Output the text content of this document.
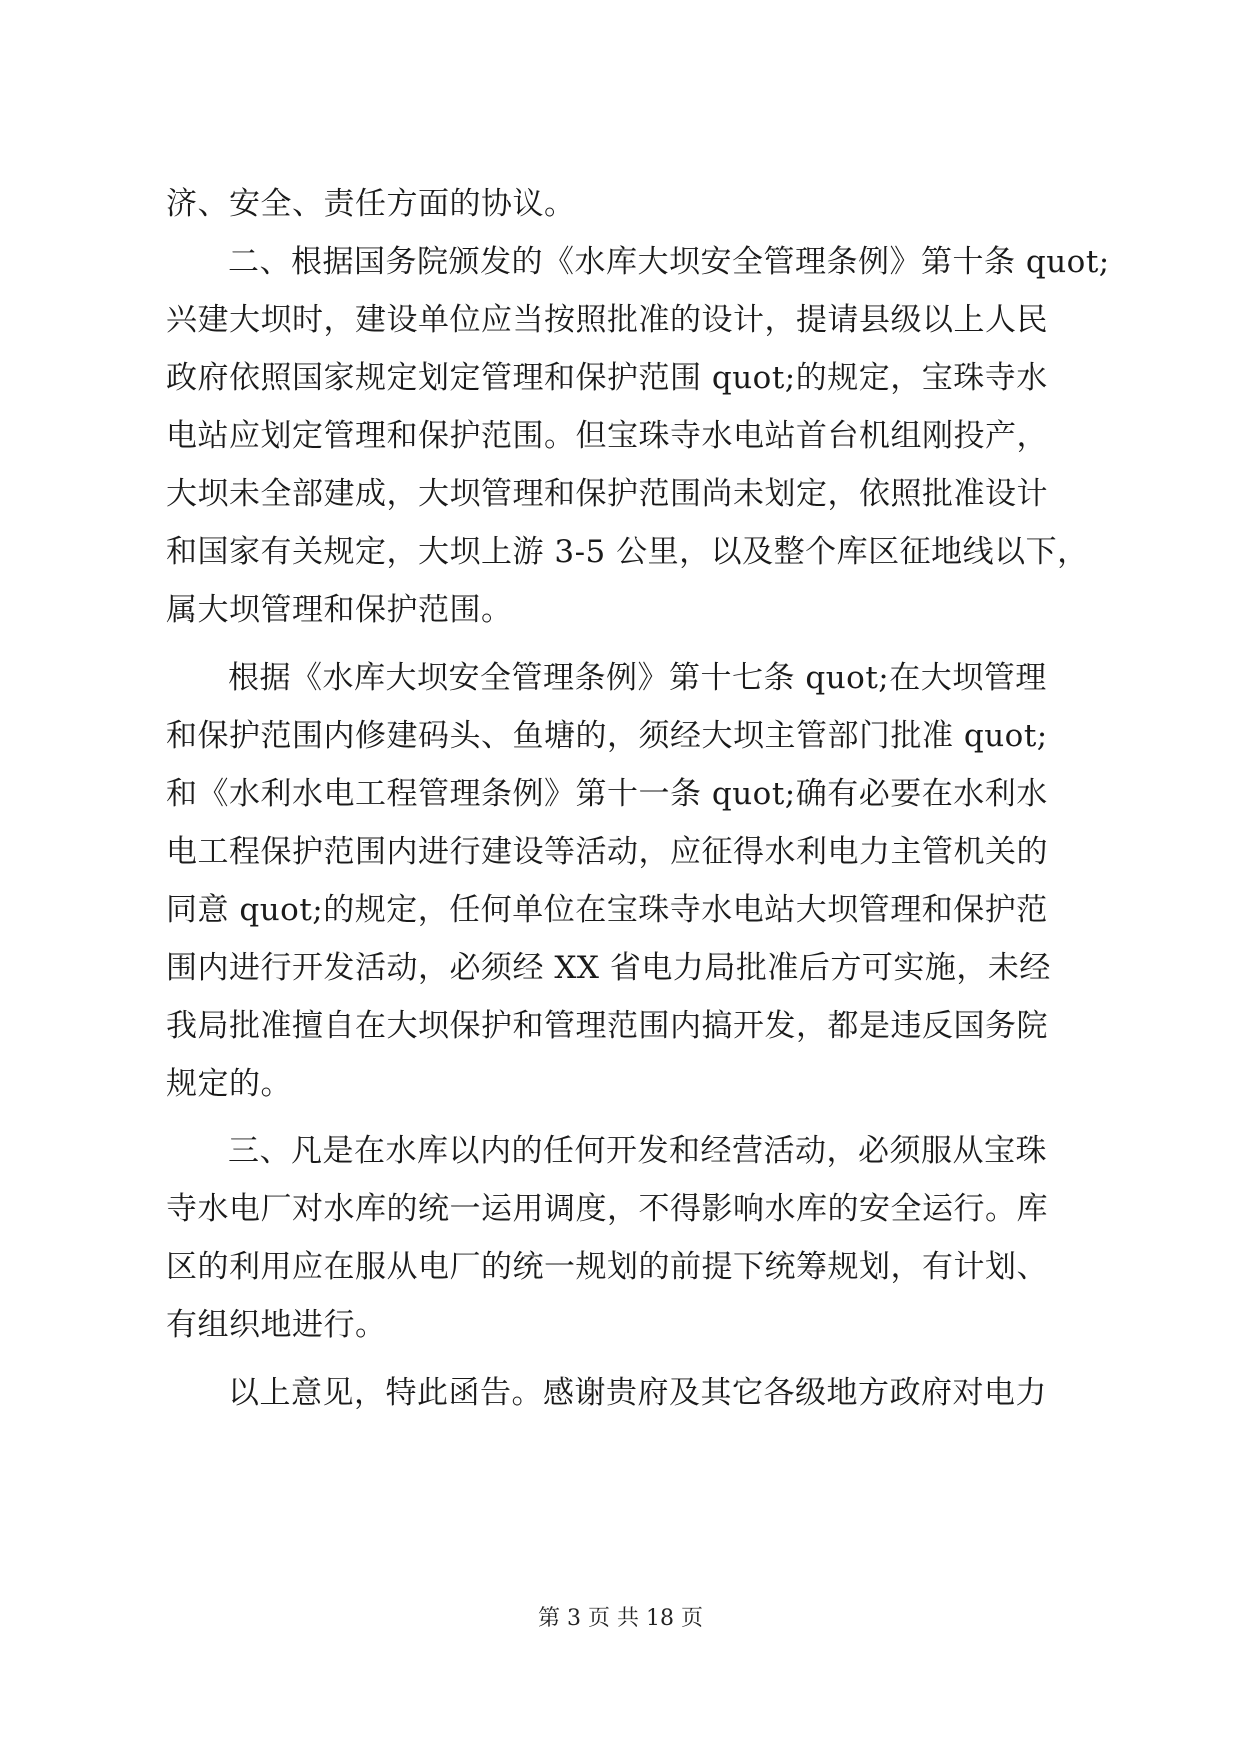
济、安全、责任方面的协议。
二、根据国务院颁发的《水库大坝安全管理条例》第十条 quot;
兴建大坝时，建设单位应当按照批准的设计，提请县级以上人民
政府依照国家规定划定管理和保护范围 quot;的规定，宝珠寺水
电站应划定管理和保护范围。但宝珠寺水电站首台机组刚投产，
大坝未全部建成，大坝管理和保护范围尚未划定，依照批准设计
和国家有关规定，大坝上游 3-5 公里，以及整个库区征地线以下，
属大坝管理和保护范围。
根据《水库大坝安全管理条例》第十七条 quot;在大坝管理
和保护范围内修建码头、鱼塘的，须经大坝主管部门批准 quot;
和《水利水电工程管理条例》第十一条 quot;确有必要在水利水
电工程保护范围内进行建设等活动，应征得水利电力主管机关的
同意 quot;的规定，任何单位在宝珠寺水电站大坝管理和保护范
围内进行开发活动，必须经 XX 省电力局批准后方可实施，未经
我局批准擅自在大坝保护和管理范围内搞开发，都是违反国务院
规定的。
三、凡是在水库以内的任何开发和经营活动，必须服从宝珠
寺水电厂对水库的统一运用调度，不得影响水库的安全运行。库
区的利用应在服从电厂的统一规划的前提下统筹规划，有计划、
有组织地进行。
以上意见，特此函告。感谢贵府及其它各级地方政府对电力
第 3 页 共 18 页
